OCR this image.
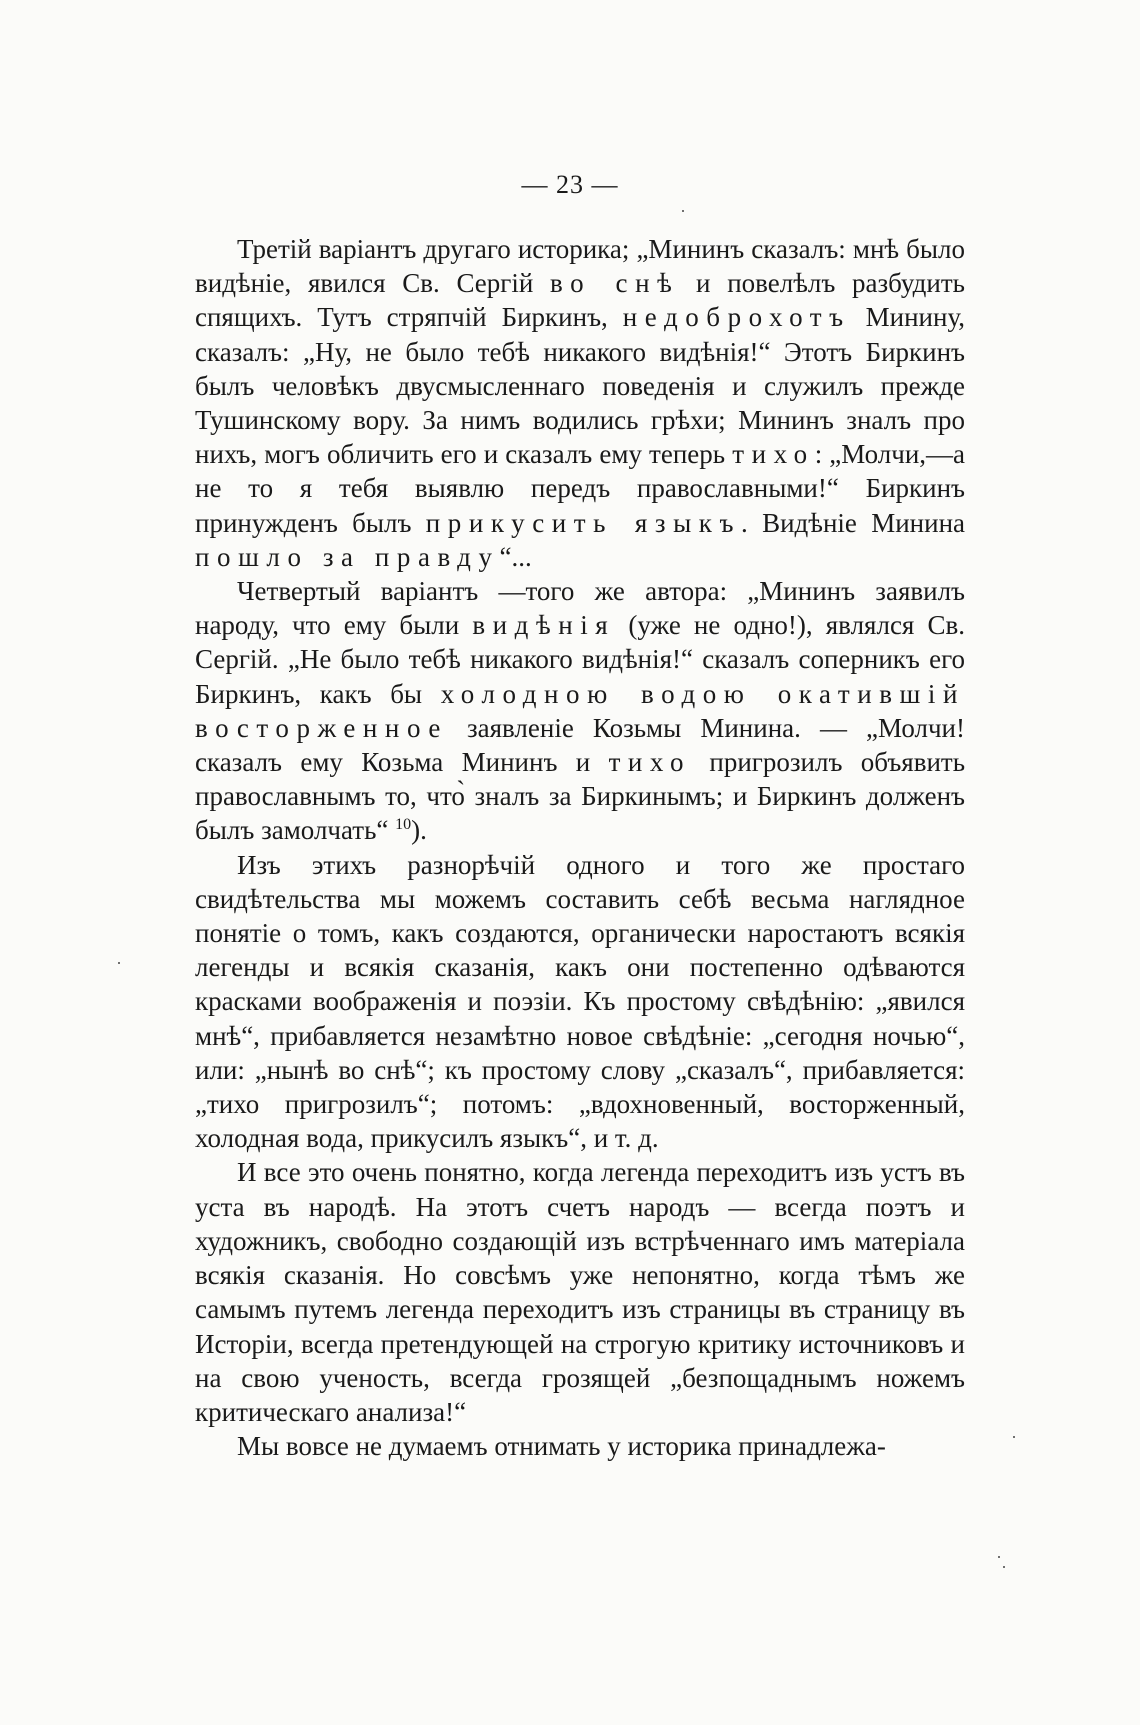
— 23 —

Третій варіантъ другаго историка; „Мининъ сказалъ: мнѣ было видѣніе, явился Св. Сергій во снѣ и повелѣлъ разбудить спящихъ. Тутъ стряпчій Биркинъ, недоброхотъ Минину, сказалъ: „Ну, не было тебѣ никакого видѣнія!“ Этотъ Биркинъ былъ человѣкъ двусмысленнаго поведенія и служилъ прежде Тушинскому вору. За нимъ водились грѣхи; Мининъ зналъ про нихъ, могъ обличить его и сказалъ ему теперь тихо: „Молчи,—а не то я тебя выявлю передъ православными!“ Биркинъ принужденъ былъ прикусить языкъ. Видѣніе Минина пошло за правду“...

Четвертый варіантъ —того же автора: „Мининъ заявилъ народу, что ему были видѣнія (уже не одно!), являлся Св. Сергій. „Не было тебѣ никакого видѣнія!“ сказалъ соперникъ его Биркинъ, какъ бы холодною водою окатившій восторженное заявленіе Козьмы Минина. — „Молчи! сказалъ ему Козьма Мининъ и тихо пригрозилъ объявить православнымъ то, что̀ зналъ за Биркинымъ; и Биркинъ долженъ былъ замолчать“ $^{10}$).

Изъ этихъ разнорѣчій одного и того же простаго свидѣтельства мы можемъ составить себѣ весьма наглядное понятіе о томъ, какъ создаются, органически наростаютъ всякія легенды и всякія сказанія, какъ они постепенно одѣваются красками воображенія и поэзіи. Къ простому свѣдѣнію: „явился мнѣ“, прибавляется незамѣтно новое свѣдѣніе: „сегодня ночью“, или: „нынѣ во снѣ“; къ простому слову „сказалъ“, прибавляется: „тихо пригрозилъ“; потомъ: „вдохновенный, восторженный, холодная вода, прикусилъ языкъ“, и т. д.

И все это очень понятно, когда легенда переходитъ изъ устъ въ уста въ народѣ. На этотъ счетъ народъ — всегда поэтъ и художникъ, свободно создающій изъ встрѣченнаго имъ матеріала всякія сказанія. Но совсѣмъ уже непонятно, когда тѣмъ же самымъ путемъ легенда переходитъ изъ страницы въ страницу въ Исторіи, всегда претендующей на строгую критику источниковъ и на свою ученость, всегда грозящей „безпощаднымъ ножемъ критическаго анализа!“

Мы вовсе не думаемъ отнимать у историка принадлежа-
